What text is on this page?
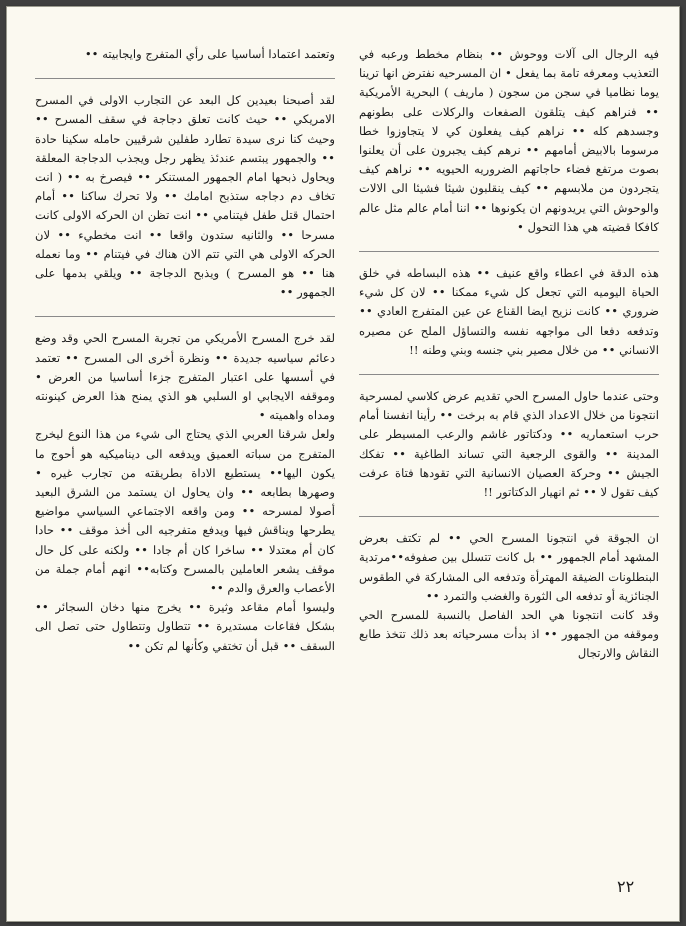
فيه الرجال الى آلات ووحوش •• بنظام مخطط ورعبه في التعذيب ومعرفه تامة بما يفعل • ان المسرحيه نفترض انها ترينا يوما نظاميا في سجن من سجون ( ماريف ) البحرية الأمريكية •• فنراهم كيف يتلقون الصفعات والركلات على بطونهم وجسدهم كله •• نراهم كيف يفعلون كي لا يتجاوزوا خطا مرسوما بالابيض أمامهم •• نرهم كيف يجبرون على أن يعلنوا بصوت مرتفع فضاء حاجاتهم الضروريه الحيويه •• نراهم كيف يتجردون من ملابسهم •• كيف ينقلبون شيئا فشيئا الى الالات والوحوش التي يريدونهم ان يكونوها •• اننا أمام عالم مثل عالم كافكا قضيته هي هذا التحول •

هذه الدقة في اعطاء واقع عنيف •• هذه البساطه في خلق الحياة اليوميه التي تجعل كل شيء ممكنا •• لان كل شيء ضروري •• كانت نزيح ايضا القناع عن عين المتفرج العادي •• وتدفعه دفعا الى مواجهه نفسه والتساؤل الملح عن مصيره الانساني •• من خلال مصير بني جنسه وبني وطنه !!

وحتى عندما حاول المسرح الحي تقديم عرض كلاسي لمسرحية انتجونا من خلال الاعداد الذي قام به برخت •• رأينا انفسنا أمام حرب استعماريه •• ودكتاتور غاشم والرعب المسيطر على المدينة •• والقوى الرجعية التي تساند الطاغية •• تفكك الجيش •• وحركة العصيان الانسانية التي تقودها فتاة عرفت كيف تقول لا •• ثم انهيار الدكتاتور !!

ان الجوقة في انتجونا المسرح الحي •• لم تكتف بعرض المشهد أمام الجمهور •• بل كانت تتسلل بين صفوفه••مرتدية البنطلونات الضيقة المهترأة وتدفعه الى المشاركة في الطقوس الجنائزية أو تدفعه الى الثورة والغضب والتمرد ••

وقد كانت انتجونا هي الحد الفاصل بالنسبة للمسرح الحي وموقفه من الجمهور •• اذ بدأت مسرحياته بعد ذلك تتخذ طابع النقاش والارتجال

وتعتمد اعتمادا أساسيا على رأي المتفرج وايجابيته ••

لقد أصبحنا بعيدين كل البعد عن التجارب الاولى في المسرح الامريكي •• حيث كانت تعلق دجاجة في سقف المسرح •• وحيث كنا نرى سيدة تطارد طفلين شرقيين حامله سكينا حادة •• والجمهور يبتسم عندئذ يظهر رجل ويجذب الدجاجة المعلقة ويحاول ذبحها امام الجمهور المستنكر •• فيصرخ به •• ( انت تخاف دم دجاجه ستذبح امامك •• ولا تحرك ساكنا •• أمام احتمال قتل طفل فيتنامي •• انت تظن ان الحركه الاولى كانت مسرحا •• والثانيه ستدون واقعا •• انت مخطيء •• لان الحركه الاولى هي التي تتم الان هناك في فيتنام •• وما نعمله هنا •• هو المسرح ) ويذبح الدجاجة •• ويلقي بدمها على الجمهور ••

لقد خرج المسرح الأمريكي من تجربة المسرح الحي وقد وضع دعائم سياسيه جديدة •• ونظرة أخرى الى المسرح •• تعتمد في أسسها على اعتبار المتفرج جزءا أساسيا من العرض • وموقفه الايجابي او السلبي هو الذي يمنح هذا العرض كينونته ومداه واهميته •

ولعل شرقنا العربي الذي يحتاج الى شيء من هذا النوع ليخرج المتفرج من سباته العميق ويدفعه الى ديناميكيه هو أحوج ما يكون اليها•• يستطيع الاداة بطريقته من تجارب غيره • وصهرها بطابعه •• وان يحاول ان يستمد من الشرق البعيد أصولا لمسرحه •• ومن واقعه الاجتماعي السياسي مواضيع يطرحها ويناقش فيها ويدفع متفرجيه الى أخذ موقف •• حادا كان أم معتدلا •• ساخرا كان أم جادا •• ولكنه على كل حال موقف يشعر العاملين بالمسرح وكتابه•• انهم أمام جملة من الأعصاب والعرق والدم ••

وليسوا أمام مقاعد وثيرة •• يخرج منها دخان السجائر •• بشكل فقاعات مستديرة •• تتطاول وتتطاول حتى تصل الى السقف •• قبل أن تختفي وكأنها لم تكن ••

٢٢
